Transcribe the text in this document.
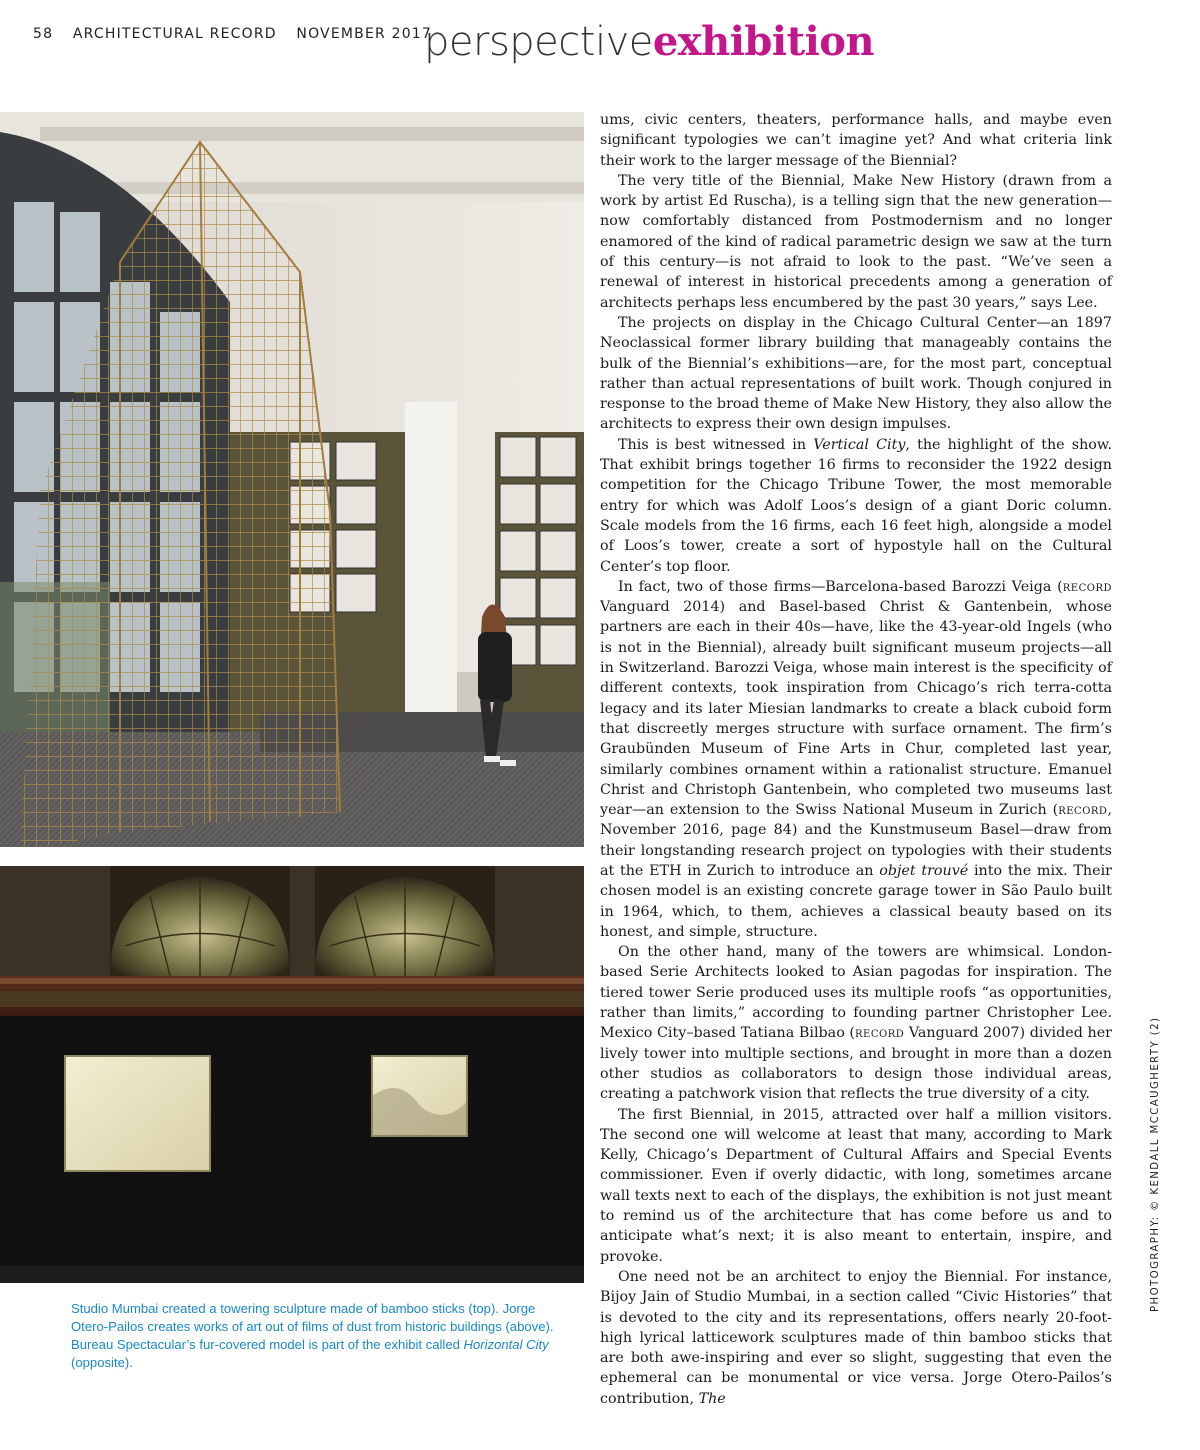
58 ARCHITECTURAL RECORD NOVEMBER 2017
perspectiveexhibition
Studio Mumbai created a towering sculpture made of bamboo sticks (top). Jorge Otero-Pailos creates works of art out of films of dust from historic buildings (above). Bureau Spectacular’s fur-covered model is part of the exhibit called Horizontal City (opposite).

ums, civic centers, theaters, performance halls, and maybe even significant typologies we can’t imagine yet? And what criteria link their work to the larger message of the Biennial?

The very title of the Biennial, Make New History (drawn from a work by artist Ed Ruscha), is a telling sign that the new generation—now comfortably distanced from Postmodernism and no longer enamored of the kind of radical parametric design we saw at the turn of this century—is not afraid to look to the past. “We’ve seen a renewal of interest in historical precedents among a generation of architects perhaps less encumbered by the past 30 years,” says Lee.

The projects on display in the Chicago Cultural Center—an 1897 Neoclassical former library building that manageably contains the bulk of the Biennial’s exhibitions—are, for the most part, conceptual rather than actual representations of built work. Though conjured in response to the broad theme of Make New History, they also allow the architects to express their own design impulses.

This is best witnessed in Vertical City, the highlight of the show. That exhibit brings together 16 firms to reconsider the 1922 design competition for the Chicago Tribune Tower, the most memorable entry for which was Adolf Loos’s design of a giant Doric column. Scale models from the 16 firms, each 16 feet high, alongside a model of Loos’s tower, create a sort of hypostyle hall on the Cultural Center’s top floor.

In fact, two of those firms—Barcelona-based Barozzi Veiga (record Vanguard 2014) and Basel-based Christ & Gantenbein, whose partners are each in their 40s—have, like the 43-year-old Ingels (who is not in the Biennial), already built significant museum projects—all in Switzerland. Barozzi Veiga, whose main interest is the specificity of different contexts, took inspiration from Chicago’s rich terra-cotta legacy and its later Miesian landmarks to create a black cuboid form that discreetly merges structure with surface ornament. The firm’s Graubünden Museum of Fine Arts in Chur, completed last year, similarly combines ornament within a rationalist structure. Emanuel Christ and Christoph Gantenbein, who completed two museums last year—an extension to the Swiss National Museum in Zurich (record, November 2016, page 84) and the Kunstmuseum Basel—draw from their longstanding research project on typologies with their students at the ETH in Zurich to introduce an objet trouvé into the mix. Their chosen model is an existing concrete garage tower in São Paulo built in 1964, which, to them, achieves a classical beauty based on its honest, and simple, structure.

On the other hand, many of the towers are whimsical. London-based Serie Architects looked to Asian pagodas for inspiration. The tiered tower Serie produced uses its multiple roofs “as opportunities, rather than limits,” according to founding partner Christopher Lee. Mexico City–based Tatiana Bilbao (record Vanguard 2007) divided her lively tower into multiple sections, and brought in more than a dozen other studios as collaborators to design those individual areas, creating a patchwork vision that reflects the true diversity of a city.

The first Biennial, in 2015, attracted over half a million visitors. The second one will welcome at least that many, according to Mark Kelly, Chicago’s Department of Cultural Affairs and Special Events commissioner. Even if overly didactic, with long, sometimes arcane wall texts next to each of the displays, the exhibition is not just meant to remind us of the architecture that has come before us and to anticipate what’s next; it is also meant to entertain, inspire, and provoke.

One need not be an architect to enjoy the Biennial. For instance, Bijoy Jain of Studio Mumbai, in a section called “Civic Histories” that is devoted to the city and its representations, offers nearly 20-foot-high lyrical latticework sculptures made of thin bamboo sticks that are both awe-inspiring and ever so slight, suggesting that even the ephemeral can be monumental or vice versa. Jorge Otero-Pailos’s contribution, The

PHOTOGRAPHY: © KENDALL MCCAUGHERTY (2)
